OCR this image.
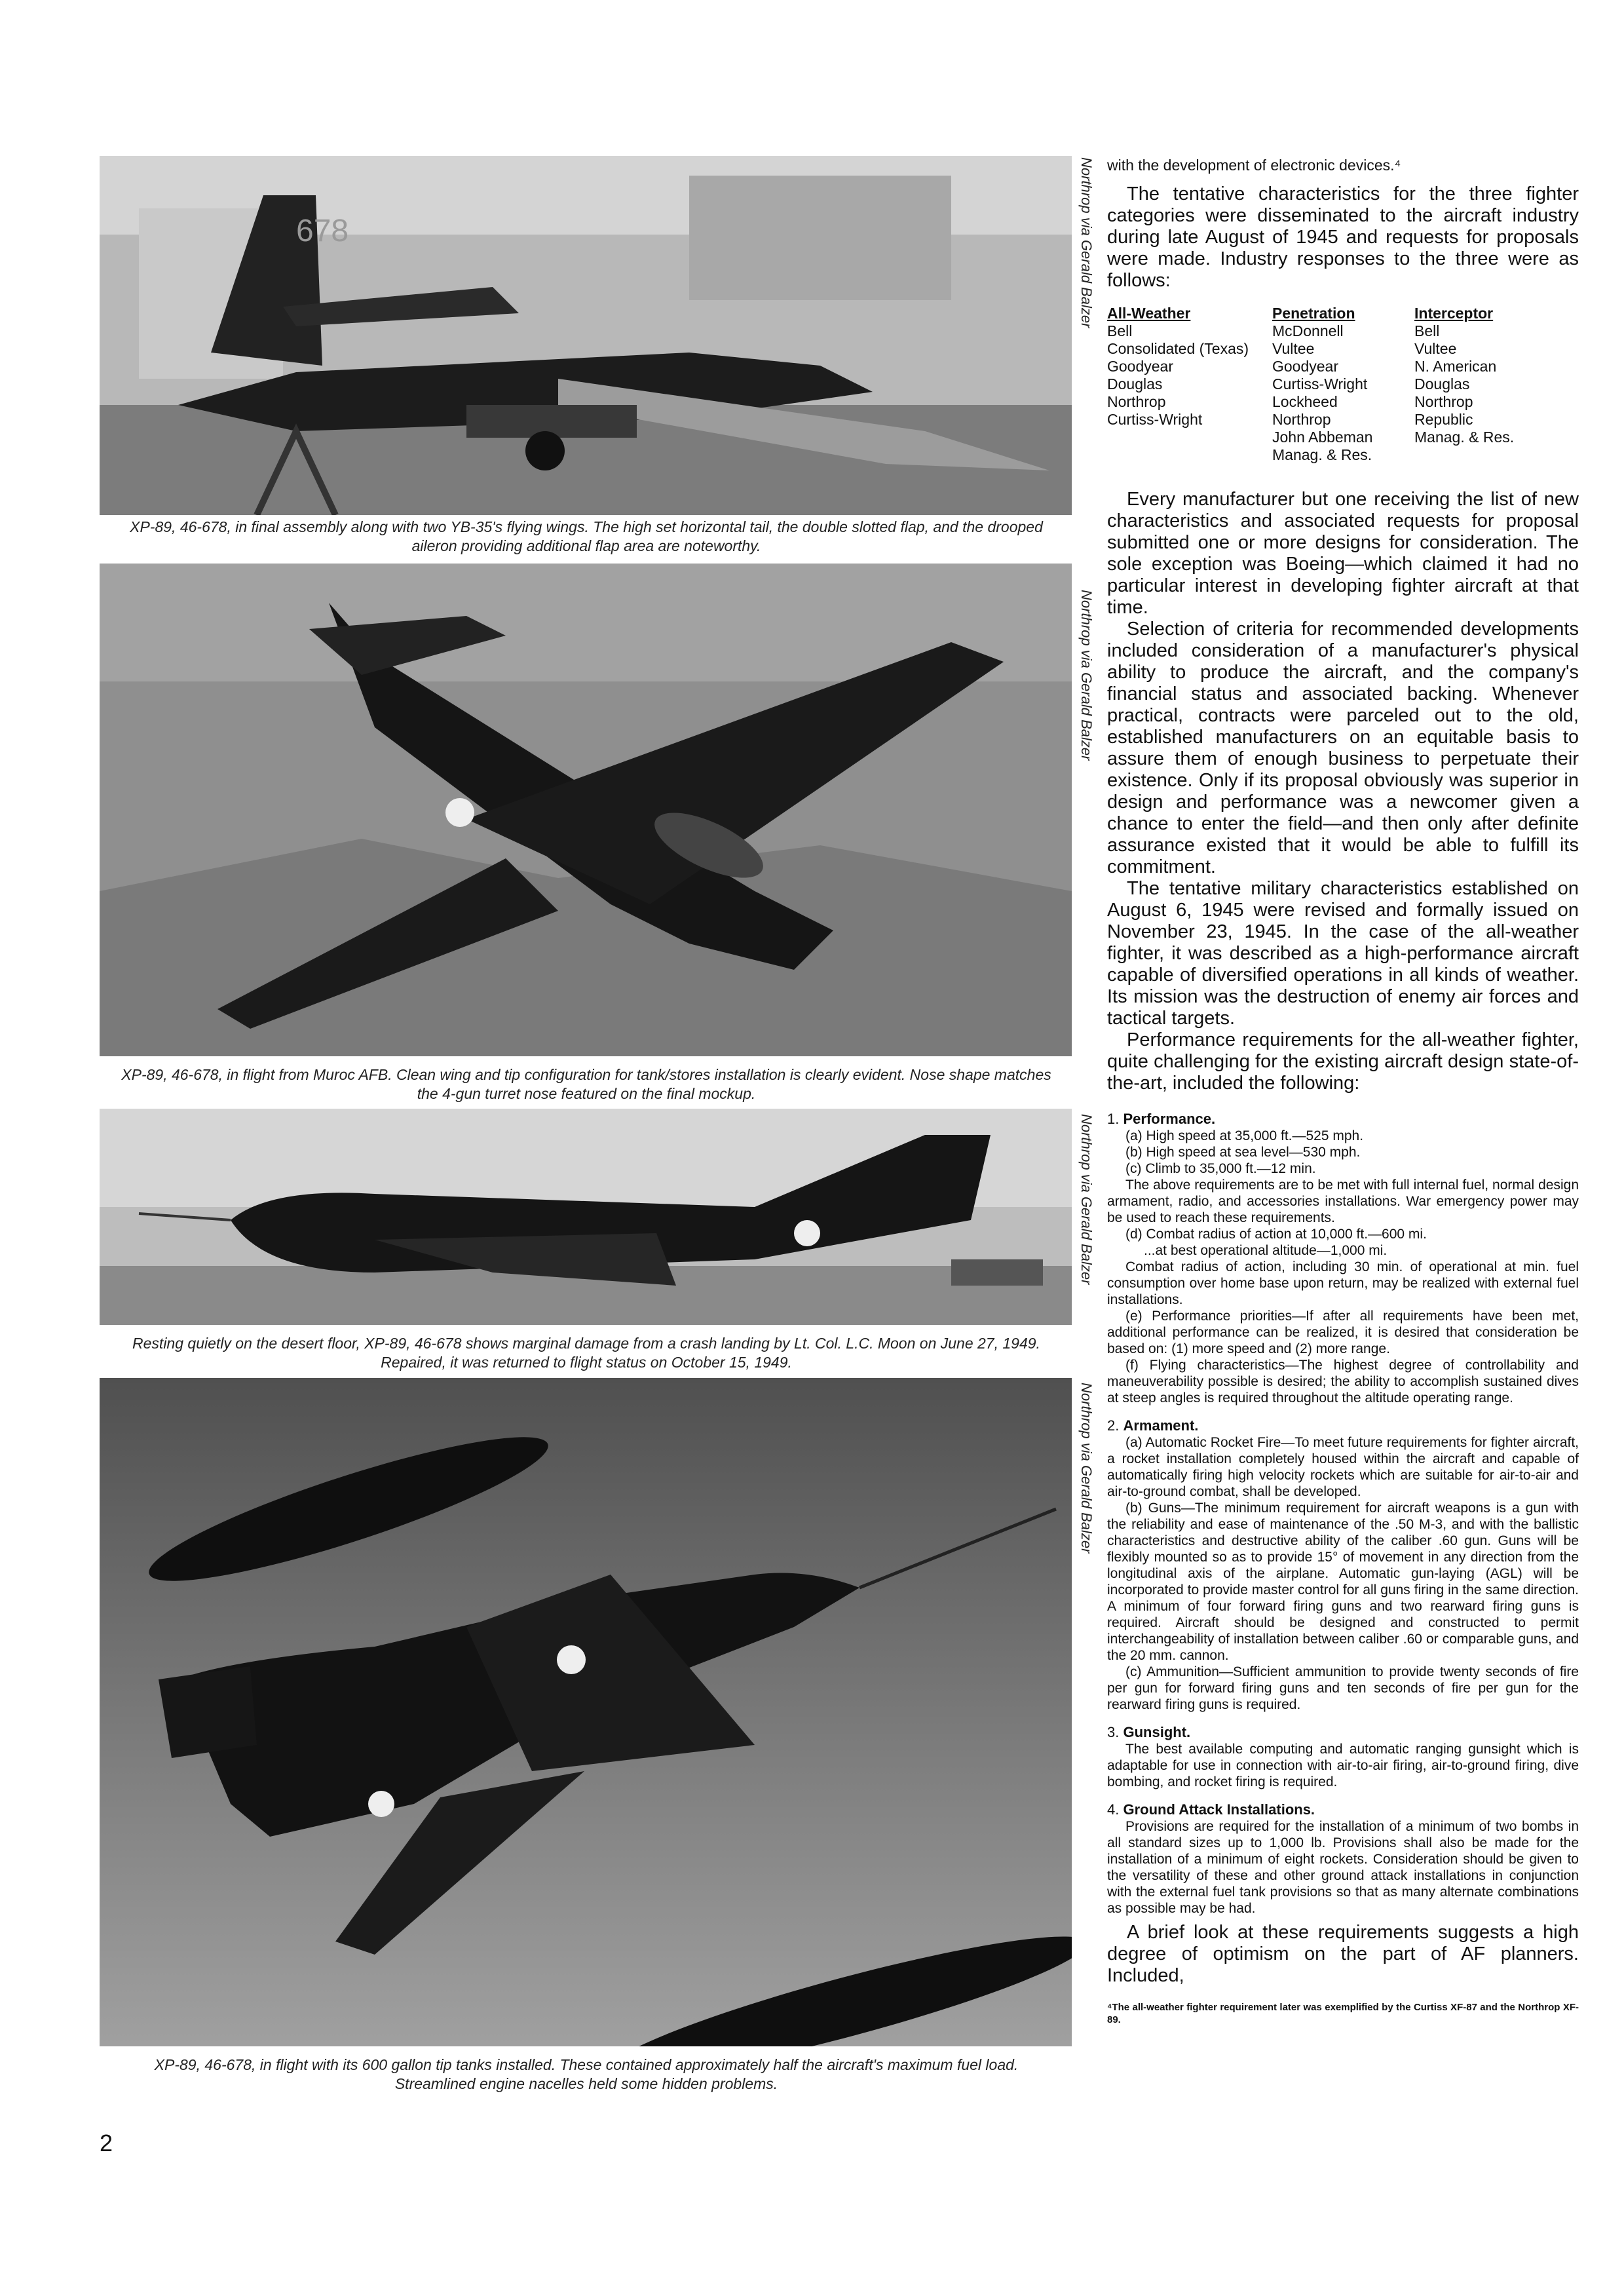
678	Northrop via Gerald Balzer
XP-89, 46-678, in final assembly along with two YB-35's flying wings. The high set horizontal tail, the double slotted flap, and the drooped aileron providing additional flap area are noteworthy.
Northrop via Gerald Balzer
XP-89, 46-678, in flight from Muroc AFB. Clean wing and tip configuration for tank/stores installation is clearly evident. Nose shape matches the 4-gun turret nose featured on the final mockup.
Northrop via Gerald Balzer
Resting quietly on the desert floor, XP-89, 46-678 shows marginal damage from a crash landing by Lt. Col. L.C. Moon on June 27, 1949. Repaired, it was returned to flight status on October 15, 1949.
Northrop via Gerald Balzer
XP-89, 46-678, in flight with its 600 gallon tip tanks installed. These contained approximately half the aircraft's maximum fuel load. Streamlined engine nacelles held some hidden problems.

with the development of electronic devices.⁴

The tentative characteristics for the three fighter categories were disseminated to the aircraft industry during late August of 1945 and requests for proposals were made. Industry responses to the three were as follows:

All-Weather	Penetration	Interceptor
Bell	McDonnell	Bell
Consolidated (Texas)	Vultee	Vultee
Goodyear	Goodyear	N. American
Douglas	Curtiss-Wright	Douglas
Northrop	Lockheed	Northrop
Curtiss-Wright	Northrop	Republic
	John Abbeman	Manag. & Res.
	Manag. & Res.	

Every manufacturer but one receiving the list of new characteristics and associated requests for proposal submitted one or more designs for consideration. The sole exception was Boeing—which claimed it had no particular interest in developing fighter aircraft at that time.

Selection of criteria for recommended developments included consideration of a manufacturer's physical ability to produce the aircraft, and the company's financial status and associated backing. Whenever practical, contracts were parceled out to the old, established manufacturers on an equitable basis to assure them of enough business to perpetuate their existence. Only if its proposal obviously was superior in design and performance was a newcomer given a chance to enter the field—and then only after definite assurance existed that it would be able to fulfill its commitment.

The tentative military characteristics established on August 6, 1945 were revised and formally issued on November 23, 1945. In the case of the all-weather fighter, it was described as a high-performance aircraft capable of diversified operations in all kinds of weather. Its mission was the destruction of enemy air forces and tactical targets.

Performance requirements for the all-weather fighter, quite challenging for the existing aircraft design state-of-the-art, included the following:

1. Performance.

(a) High speed at 35,000 ft.—525 mph.

(b) High speed at sea level—530 mph.

(c) Climb to 35,000 ft.—12 min.

The above requirements are to be met with full internal fuel, normal design armament, radio, and accessories installations. War emergency power may be used to reach these requirements.

(d) Combat radius of action at 10,000 ft.—600 mi.

...at best operational altitude—1,000 mi.

Combat radius of action, including 30 min. of operational at min. fuel consumption over home base upon return, may be realized with external fuel installations.

(e) Performance priorities—If after all requirements have been met, additional performance can be realized, it is desired that consideration be based on: (1) more speed and (2) more range.

(f) Flying characteristics—The highest degree of controllability and maneuverability possible is desired; the ability to accomplish sustained dives at steep angles is required throughout the altitude operating range.

2. Armament.

(a) Automatic Rocket Fire—To meet future requirements for fighter aircraft, a rocket installation completely housed within the aircraft and capable of automatically firing high velocity rockets which are suitable for air-to-air and air-to-ground combat, shall be developed.

(b) Guns—The minimum requirement for aircraft weapons is a gun with the reliability and ease of maintenance of the .50 M-3, and with the ballistic characteristics and destructive ability of the caliber .60 gun. Guns will be flexibly mounted so as to provide 15° of movement in any direction from the longitudinal axis of the airplane. Automatic gun-laying (AGL) will be incorporated to provide master control for all guns firing in the same direction. A minimum of four forward firing guns and two rearward firing guns is required. Aircraft should be designed and constructed to permit interchangeability of installation between caliber .60 or comparable guns, and the 20 mm. cannon.

(c) Ammunition—Sufficient ammunition to provide twenty seconds of fire per gun for forward firing guns and ten seconds of fire per gun for the rearward firing guns is required.

3. Gunsight.

The best available computing and automatic ranging gunsight which is adaptable for use in connection with air-to-air firing, air-to-ground firing, dive bombing, and rocket firing is required.

4. Ground Attack Installations.

Provisions are required for the installation of a minimum of two bombs in all standard sizes up to 1,000 lb. Provisions shall also be made for the installation of a minimum of eight rockets. Consideration should be given to the versatility of these and other ground attack installations in conjunction with the external fuel tank provisions so that as many alternate combinations as possible may be had.

A brief look at these requirements suggests a high degree of optimism on the part of AF planners. Included,

⁴The all-weather fighter requirement later was exemplified by the Curtiss XF-87 and the Northrop XF-89.

2
